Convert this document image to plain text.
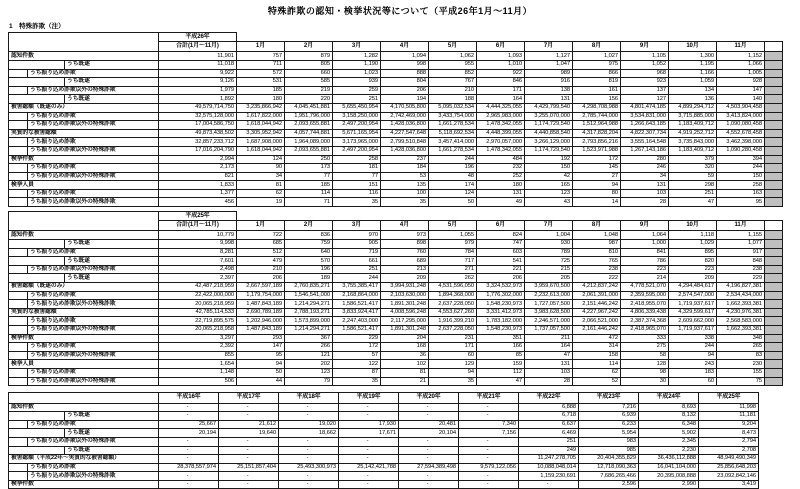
特殊詐欺の認知・検挙状況等について（平成26年1月～11月）
1　特殊詐欺（注）
	平成26年												
	合計(1月～11月)	1月	2月	3月	4月	5月	6月	7月	8月	9月	10月	11月	

認知件数	11,901	757	879	1,282	1,094	1,062	1,093	1,127	1,027	1,105	1,300	1,152	

うち既遂	11,018	711	805	1,190	998	955	1,010	1,047	975	1,052	1,195	1,066	

うち振り込め詐欺	9,922	572	660	1,023	888	852	922	989	866	968	1,166	1,005	

うち既遂	9,126	531	585	939	804	767	846	916	819	923	1,059	928	

うち振り込め詐欺以外の特殊詐欺	1,979	185	219	259	206	210	171	138	161	137	134	147	

うち既遂	1,892	180	220	251	194	188	164	131	156	127	136	140	

被害総額（既遂のみ）	49,579,714,750	3,235,866,942	4,045,451,881	5,655,450,954	4,170,505,800	5,095,032,534	4,444,325,055	4,429,799,540	4,298,708,988	4,801,474,185	4,899,294,712	4,503,904,458	

うち振り込め詐欺	32,575,128,000	1,617,822,000	1,951,796,000	3,158,250,000	2,742,469,000	3,433,754,000	2,965,983,000	3,255,070,000	2,785,744,000	3,534,831,000	3,715,885,000	3,413,824,000	

うち振り込め詐欺以外の特殊詐欺	17,004,586,750	1,618,044,942	2,093,655,881	2,497,200,954	1,428,036,800	1,661,278,534	1,478,342,055	1,174,729,540	1,512,964,988	1,266,643,185	1,183,409,712	1,090,080,458	

実質的な被害総額	49,873,438,502	3,305,952,942	4,057,744,881	5,671,165,954	4,227,547,648	5,118,692,534	4,448,399,055	4,440,858,540	4,317,828,204	4,822,307,734	4,919,252,712	4,552,678,458	

うち振り込め詐欺	32,857,233,712	1,687,908,000	1,964,089,000	3,173,965,000	2,799,510,848	3,457,414,000	2,970,057,000	3,266,129,000	2,793,856,216	3,555,164,548	3,735,843,000	3,462,398,000	

うち振り込め詐欺以外の特殊詐欺	17,016,204,790	1,618,044,942	2,093,655,881	2,497,200,954	1,428,036,800	1,661,278,534	1,478,342,055	1,174,729,540	1,523,971,988	1,267,143,186	1,183,409,712	1,090,280,458	

検挙件数	2,994	124	250	258	237	244	484	192	172	280	379	394	

うち振り込め詐欺	2,173	90	173	181	184	196	232	150	145	246	320	244	

うち振り込め詐欺以外の特殊詐欺	821	34	77	77	53	48	252	42	27	34	59	150	

検挙人員	1,833	81	185	151	135	174	180	165	94	131	298	258	

うち振り込め詐欺	1,377	62	114	116	100	124	131	123	80	103	251	163	

うち振り込め詐欺以外の特殊詐欺	456	19	71	35	35	50	49	43	14	28	47	95	
	平成25年												
	合計(1月～11月)	1月	2月	3月	4月	5月	6月	7月	8月	9月	10月	11月	

認知件数	10,779	722	836	970	973	1,055	824	1,004	1,048	1,064	1,118	1,155	

うち既遂	9,998	685	759	905	898	979	747	930	987	1,000	1,029	1,077	

うち振り込め詐欺	8,281	512	640	719	760	784	603	789	810	841	895	917	

うち既遂	7,601	479	570	661	689	717	541	725	765	786	820	848	

うち振り込め詐欺以外の特殊詐欺	2,498	210	196	251	213	271	221	215	238	223	223	238	

うち既遂	2,397	206	189	244	209	262	206	205	222	214	209	229	

被害総額（既遂のみ）	42,487,218,959	2,667,597,189	2,760,835,271	3,755,385,417	3,994,931,248	4,531,596,050	3,324,532,973	3,959,670,500	4,212,837,242	4,778,521,070	4,294,484,617	4,196,827,381	

うち振り込め詐欺	22,422,000,000	1,179,754,000	1,546,541,000	2,168,864,000	2,103,630,000	1,894,368,000	1,776,302,000	2,232,613,000	2,061,391,000	2,359,595,000	2,574,547,000	2,534,434,000	

うち振り込め詐欺以外の特殊詐欺	20,065,218,959	1,487,843,189	1,214,294,271	1,586,521,417	1,891,301,248	2,637,228,050	1,548,230,973	1,727,057,500	2,151,446,242	2,418,955,070	1,719,937,617	1,662,393,381	

実質的な被害総額	42,785,114,533	2,690,789,189	2,788,193,271	3,833,924,417	4,008,596,248	4,553,627,260	3,331,412,973	3,983,628,500	4,227,967,242	4,806,339,438	4,329,599,617	4,230,976,381	

うち振り込め詐欺	22,719,895,575	1,202,946,000	1,573,899,000	2,247,403,000	2,117,295,000	1,916,399,210	1,783,182,000	2,246,571,000	2,066,521,000	2,387,374,368	2,609,662,000	2,568,583,000	

うち振り込め詐欺以外の特殊詐欺	20,065,218,958	1,487,843,189	1,214,294,271	1,586,521,417	1,891,301,248	2,637,228,050	1,548,230,973	1,737,057,500	2,161,446,242	2,418,965,070	1,719,937,617	1,662,393,381	

検挙件数	3,297	293	367	229	204	231	351	211	472	333	338	348	

うち振り込め詐欺	2,392	147	266	172	168	171	166	164	314	275	244	265	

うち振り込め詐欺以外の特殊詐欺	855	95	121	57	36	60	85	47	158	58	94	83	

検挙人員	1,654	94	202	122	102	129	159	131	114	128	243	230	

うち振り込め詐欺	1,148	50	123	87	81	94	112	103	62	98	183	155	

うち振り込め詐欺以外の特殊詐欺	506	44	79	35	21	35	47	28	52	30	60	75	
	平成16年	平成17年	平成18年	平成19年	平成20年	平成21年	平成22年	平成23年	平成24年	平成25年

認知件数	-	-	-	-	-	-	6,888	7,216	8,693	11,998

うち既遂	-	-	-	-	-	-	6,718	6,939	8,132	11,181

うち振り込め詐欺	25,667	21,612	19,020	17,930	20,481	7,340	6,637	6,233	6,348	9,204

うち既遂	20,194	19,640	18,662	17,671	20,104	7,156	6,469	5,954	5,902	8,473

うち振り込め詐欺以外の特殊詐欺	-	-	-	-	-	-	251	983	2,345	2,794

うち既遂	-	-	-	-	-	-	249	985	2,230	2,708

被害総額（平成22年～実質的な被害総額）	-	-	-	-	-	-	11,247,278,705	20,404,355,829	36,436,112,888	48,949,490,349

うち振り込め詐欺	28,378,557,974	25,151,857,404	25,493,300,973	25,142,421,788	27,594,389,498	9,579,122,056	10,088,048,014	12,718,090,363	16,041,104,000	25,856,648,203

うち振り込め詐欺以外の特殊詐欺	-	-	-	-	-	-	1,159,230,691	7,686,265,466	20,395,008,888	23,092,842,146

検挙件数	-	-	-	-	-	-	-	2,596	2,990	3,419
